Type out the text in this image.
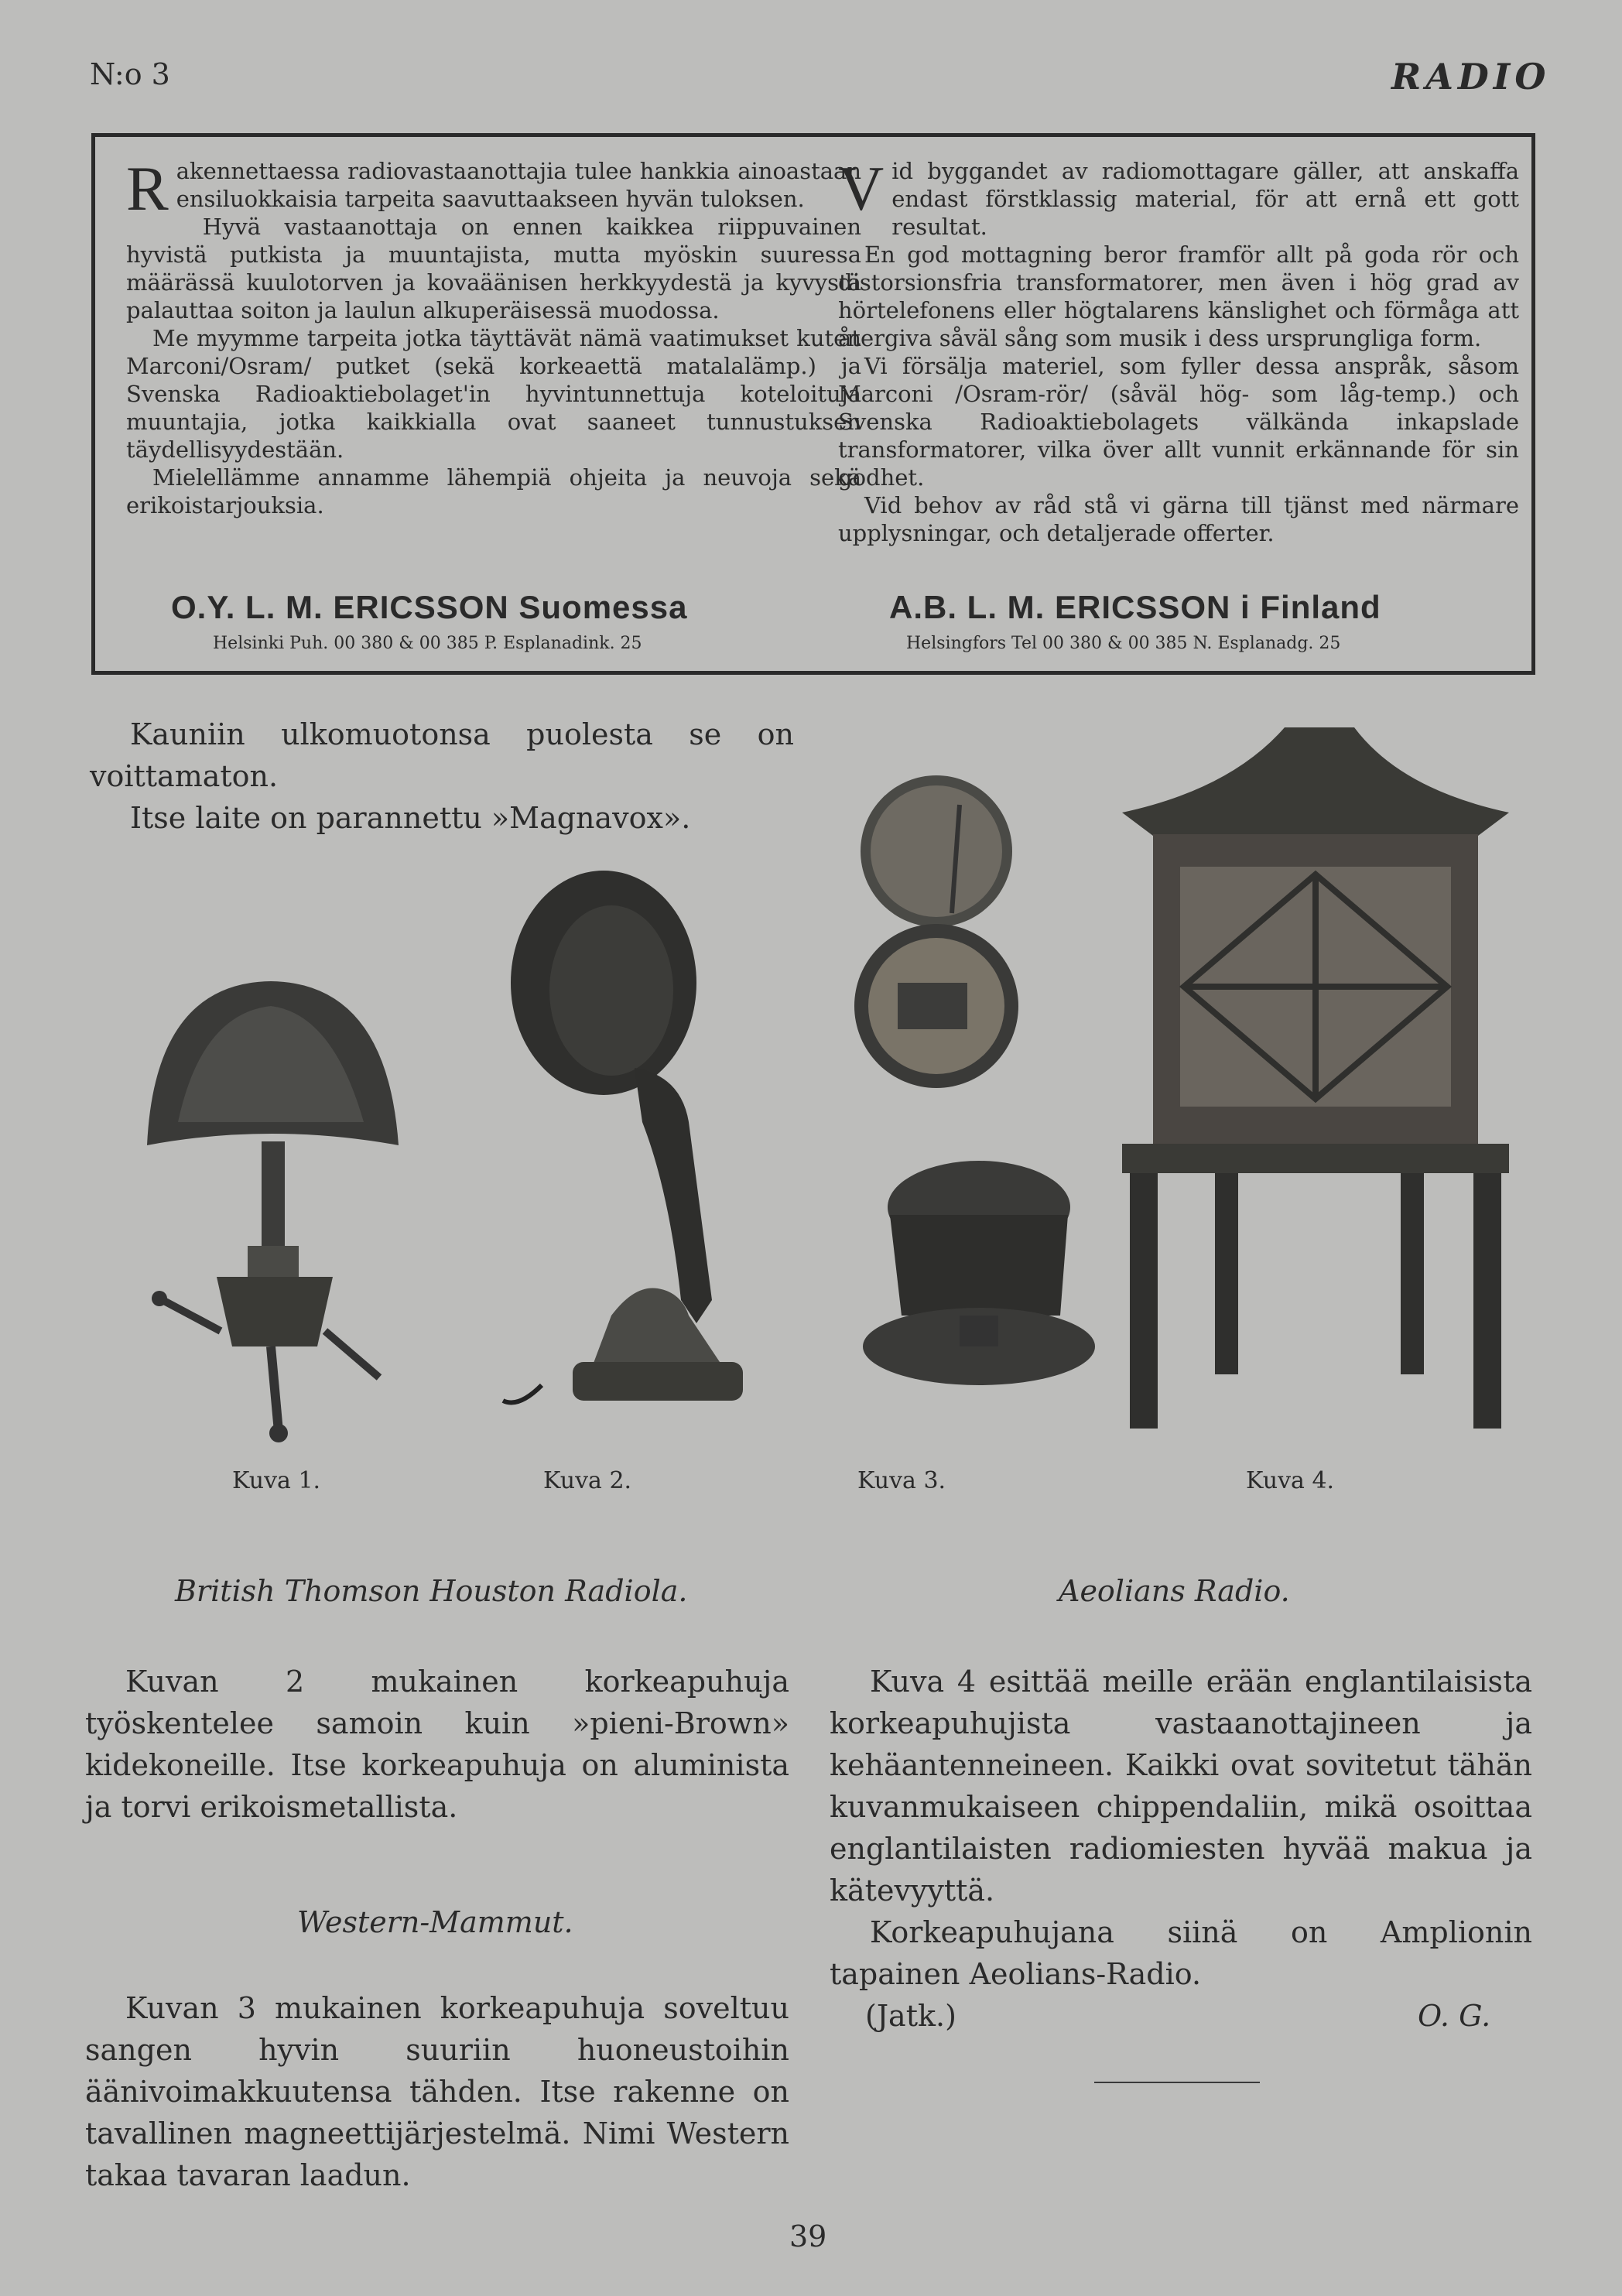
N:o 3	RADIO
R akennettaessa radiovastaanottajia tulee hankkia ainoastaan ensiluokkaisia tarpeita saavuttaakseen hyvän tuloksen.

Hyvä vastaanottaja on ennen kaikkea riippuvainen hyvistä putkista ja muuntajista, mutta myöskin suuressa määrässä kuulotorven ja kovaäänisen herkkyydestä ja kyvystä palauttaa soiton ja laulun alkuperäisessä muodossa.

Me myymme tarpeita jotka täyttävät nämä vaatimukset kuten Marconi/Osram/ putket (sekä korkeaettä matalalämp.) ja Svenska Radioaktiebolaget'in hyvintunnettuja koteloituja muuntajia, jotka kaikkialla ovat saaneet tunnustuksen täydellisyydestään.

Mielellämme annamme lähempiä ohjeita ja neuvoja sekä erikoistarjouksia.

V id byggandet av radiomottagare gäller, att anskaffa endast förstklassig material, för att ernå ett gott resultat.

En god mottagning beror framför allt på goda rör och distorsionsfria transformatorer, men även i hög grad av hörtelefonens eller högtalarens känslighet och förmåga att återgiva såväl sång som musik i dess ursprungliga form.

Vi försälja materiel, som fyller dessa anspråk, såsom Marconi /Osram-rör/ (såväl hög- som låg-temp.) och Svenska Radioaktiebolagets välkända inkapslade transformatorer, vilka över allt vunnit erkännande för sin godhet.

Vid behov av råd stå vi gärna till tjänst med närmare upplysningar, och detaljerade offerter.

O.Y. L. M. ERICSSON Suomessa	A.B. L. M. ERICSSON i Finland
Helsinki Puh. 00 380 & 00 385 P. Esplanadink. 25	Helsingfors Tel 00 380 & 00 385 N. Esplanadg. 25

Kauniin ulkomuotonsa puolesta se on voittamaton.

Itse laite on parannettu »Magnavox».

Kuva 1.	Kuva 2.	Kuva 3.	Kuva 4.
British Thomson Houston Radiola.

Kuvan 2 mukainen korkeapuhuja työskentelee samoin kuin »pieni-Brown» kidekoneille. Itse korkeapuhuja on aluminista ja torvi erikoismetallista.

Western-Mammut.

Kuvan 3 mukainen korkeapuhuja soveltuu sangen hyvin suuriin huoneustoihin äänivoimakkuutensa tähden. Itse rakenne on tavallinen magneettijärjestelmä. Nimi Western takaa tavaran laadun.

Aeolians Radio.

Kuva 4 esittää meille erään englantilaisista korkeapuhujista vastaanottajineen ja kehäantenneineen. Kaikki ovat sovitetut tähän kuvanmukaiseen chippendaliin, mikä osoittaa englantilaisten radiomiesten hyvää makua ja kätevyyttä.

Korkeapuhujana siinä on Amplionin tapainen Aeolians-Radio.

(Jatk.)	O. G.
39
